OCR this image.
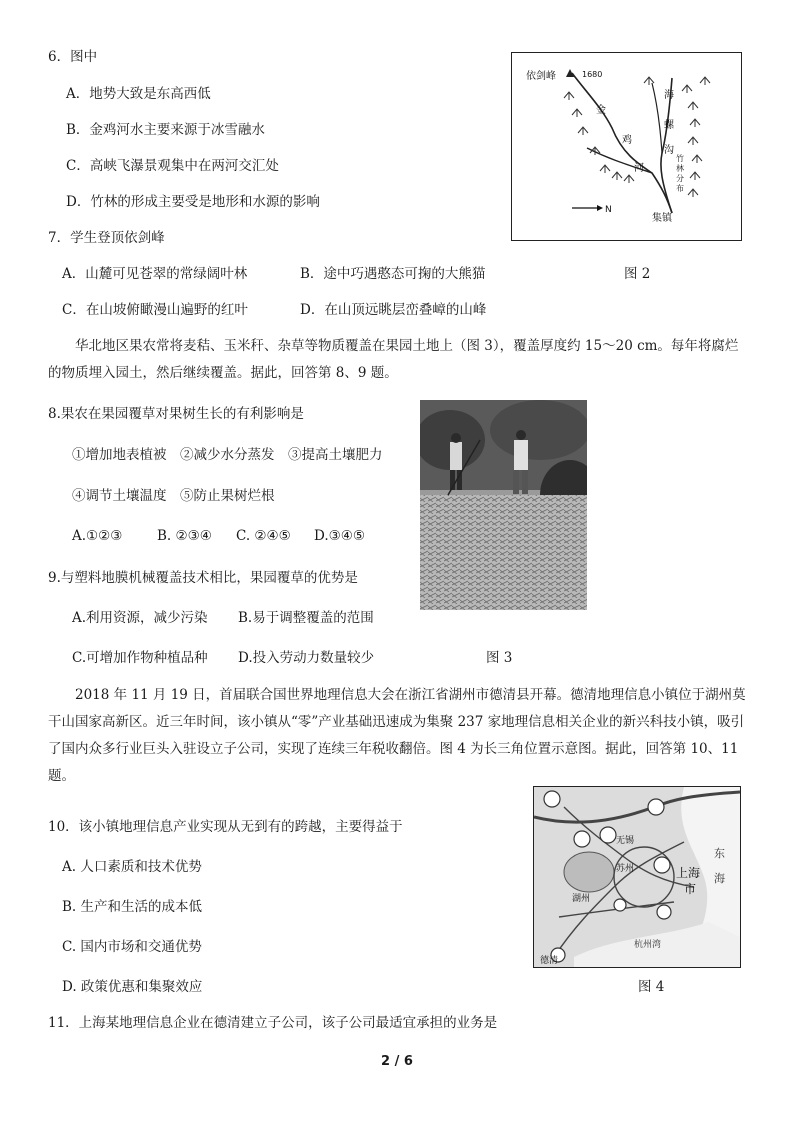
6．图中
A．地势大致是东高西低
B．金鸡河水主要来源于冰雪融水
C．高峡飞瀑景观集中在两河交汇处
D．竹林的形成主要受是地形和水源的影响
依剑峰	1680
金
鸡
河
海
螺
沟
竹
林
分
布
集镇
N
7．学生登顶依剑峰
A．山麓可见苍翠的常绿阔叶林	B．途中巧遇憨态可掬的大熊猫	图 2
C．在山坡俯瞰漫山遍野的红叶	D．在山顶远眺层峦叠嶂的山峰
华北地区果农常将麦秸、玉米秆、杂草等物质覆盖在果园土地上（图 3），覆盖厚度约 15～20 cm。每年将腐烂的物质埋入园土，然后继续覆盖。据此，回答第 8、9 题。
8.果农在果园覆草对果树生长的有利影响是
①增加地表植被　②减少水分蒸发　③提高土壤肥力
④调节土壤温度　⑤防止果树烂根
A.①②③	B. ②③④ C. ②④⑤ D.③④⑤
9.与塑料地膜机械覆盖技术相比，果园覆草的优势是
A.利用资源，减少污染 B.易于调整覆盖的范围
C.可增加作物种植品种 D.投入劳动力数量较少	图 3
2018 年 11 月 19 日，首届联合国世界地理信息大会在浙江省湖州市德清县开幕。德清地理信息小镇位于湖州莫干山国家高新区。近三年时间，该小镇从“零”产业基础迅速成为集聚 237 家地理信息相关企业的新兴科技小镇，吸引了国内众多行业巨头入驻设立子公司，实现了连续三年税收翻倍。图 4 为长三角位置示意图。据此，回答第 10、11 题。
10．该小镇地理信息产业实现从无到有的跨越，主要得益于
A. 人口素质和技术优势
B. 生产和生活的成本低
C. 国内市场和交通优势
D. 政策优惠和集聚效应
无锡
苏州	上海
市
湖州
德清
东
海
杭州湾
图 4
11．上海某地理信息企业在德清建立子公司，该子公司最适宜承担的业务是
2 / 6
